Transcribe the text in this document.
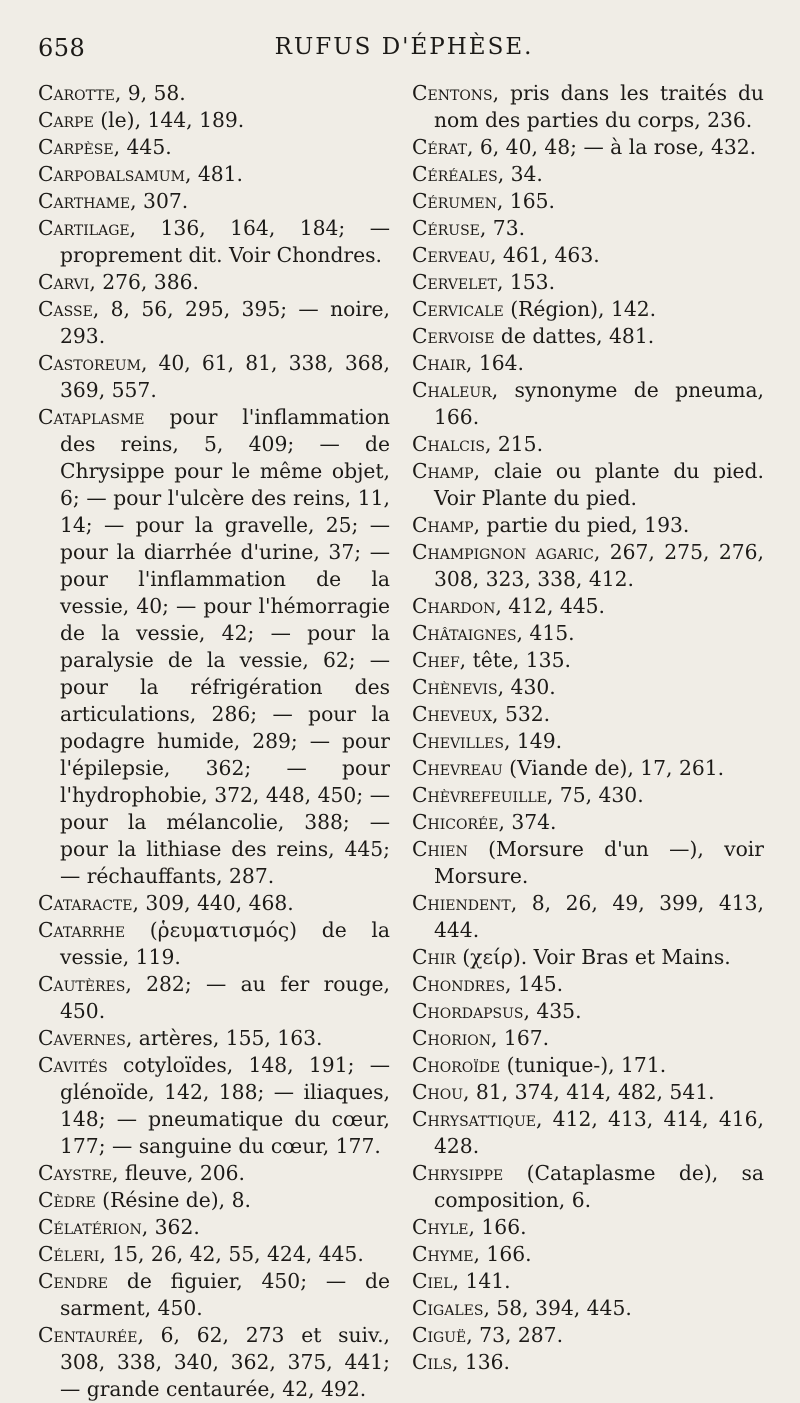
658	RUFUS D'ÉPHÈSE.

Carotte, 9, 58.

Carpe (le), 144, 189.

Carpèse, 445.

Carpobalsamum, 481.

Carthame, 307.

Cartilage, 136, 164, 184; — proprement dit. Voir Chondres.

Carvi, 276, 386.

Casse, 8, 56, 295, 395; — noire, 293.

Castoreum, 40, 61, 81, 338, 368, 369, 557.

Cataplasme pour l'inflammation des reins, 5, 409; — de Chrysippe pour le même objet, 6; — pour l'ulcère des reins, 11, 14; — pour la gravelle, 25; — pour la diarrhée d'urine, 37; — pour l'inflammation de la vessie, 40; — pour l'hémorragie de la vessie, 42; — pour la paralysie de la vessie, 62; — pour la réfrigération des articulations, 286; — pour la podagre humide, 289; — pour l'épilepsie, 362; — pour l'hydrophobie, 372, 448, 450; — pour la mélancolie, 388; — pour la lithiase des reins, 445; — réchauffants, 287.

Cataracte, 309, 440, 468.

Catarrhe (ῥευματισμός) de la vessie, 119.

Cautères, 282; — au fer rouge, 450.

Cavernes, artères, 155, 163.

Cavités cotyloïdes, 148, 191; — glénoïde, 142, 188; — iliaques, 148; — pneumatique du cœur, 177; — sanguine du cœur, 177.

Caystre, fleuve, 206.

Cèdre (Résine de), 8.

Célatérion, 362.

Céleri, 15, 26, 42, 55, 424, 445.

Cendre de figuier, 450; — de sarment, 450.

Centaurée, 6, 62, 273 et suiv., 308, 338, 340, 362, 375, 441; — grande centaurée, 42, 492.

Centons, pris dans les traités du nom des parties du corps, 236.

Cérat, 6, 40, 48; — à la rose, 432.

Céréales, 34.

Cérumen, 165.

Céruse, 73.

Cerveau, 461, 463.

Cervelet, 153.

Cervicale (Région), 142.

Cervoise de dattes, 481.

Chair, 164.

Chaleur, synonyme de pneuma, 166.

Chalcis, 215.

Champ, claie ou plante du pied. Voir Plante du pied.

Champ, partie du pied, 193.

Champignon agaric, 267, 275, 276, 308, 323, 338, 412.

Chardon, 412, 445.

Châtaignes, 415.

Chef, tête, 135.

Chènevis, 430.

Cheveux, 532.

Chevilles, 149.

Chevreau (Viande de), 17, 261.

Chèvrefeuille, 75, 430.

Chicorée, 374.

Chien (Morsure d'un —), voir Morsure.

Chiendent, 8, 26, 49, 399, 413, 444.

Chir (χείρ). Voir Bras et Mains.

Chondres, 145.

Chordapsus, 435.

Chorion, 167.

Choroïde (tunique-), 171.

Chou, 81, 374, 414, 482, 541.

Chrysattique, 412, 413, 414, 416, 428.

Chrysippe (Cataplasme de), sa composition, 6.

Chyle, 166.

Chyme, 166.

Ciel, 141.

Cigales, 58, 394, 445.

Ciguë, 73, 287.

Cils, 136.
